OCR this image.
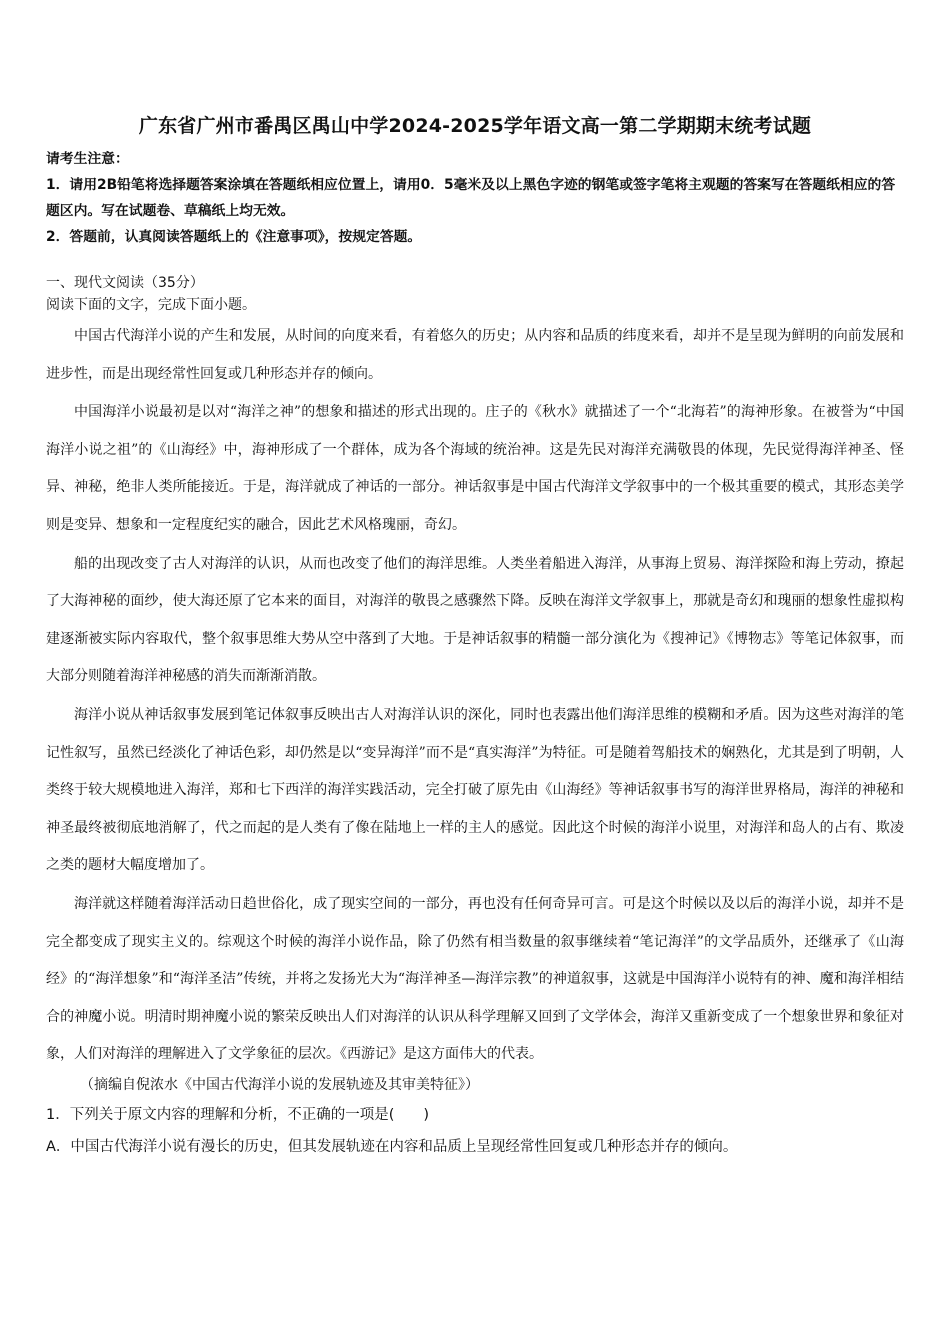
广东省广州市番禺区禺山中学2024-2025学年语文高一第二学期期末统考试题
请考生注意：
1．请用2B铅笔将选择题答案涂填在答题纸相应位置上，请用0．5毫米及以上黑色字迹的钢笔或签字笔将主观题的答案写在答题纸相应的答题区内。写在试题卷、草稿纸上均无效。
2．答题前，认真阅读答题纸上的《注意事项》，按规定答题。
一、现代文阅读（35分）
阅读下面的文字，完成下面小题。

中国古代海洋小说的产生和发展，从时间的向度来看，有着悠久的历史；从内容和品质的纬度来看，却并不是呈现为鲜明的向前发展和进步性，而是出现经常性回复或几种形态并存的倾向。

中国海洋小说最初是以对“海洋之神”的想象和描述的形式出现的。庄子的《秋水》就描述了一个“北海若”的海神形象。在被誉为“中国海洋小说之祖”的《山海经》中，海神形成了一个群体，成为各个海域的统治神。这是先民对海洋充满敬畏的体现，先民觉得海洋神圣、怪异、神秘，绝非人类所能接近。于是，海洋就成了神话的一部分。神话叙事是中国古代海洋文学叙事中的一个极其重要的模式，其形态美学则是变异、想象和一定程度纪实的融合，因此艺术风格瑰丽，奇幻。

船的出现改变了古人对海洋的认识，从而也改变了他们的海洋思维。人类坐着船进入海洋，从事海上贸易、海洋探险和海上劳动，撩起了大海神秘的面纱，使大海还原了它本来的面目，对海洋的敬畏之感骤然下降。反映在海洋文学叙事上，那就是奇幻和瑰丽的想象性虚拟构建逐渐被实际内容取代，整个叙事思维大势从空中落到了大地。于是神话叙事的精髓一部分演化为《搜神记》《博物志》等笔记体叙事，而大部分则随着海洋神秘感的消失而渐渐消散。

海洋小说从神话叙事发展到笔记体叙事反映出古人对海洋认识的深化，同时也表露出他们海洋思维的模糊和矛盾。因为这些对海洋的笔记性叙写，虽然已经淡化了神话色彩，却仍然是以“变异海洋”而不是“真实海洋”为特征。可是随着驾船技术的娴熟化，尤其是到了明朝，人类终于较大规模地进入海洋，郑和七下西洋的海洋实践活动，完全打破了原先由《山海经》等神话叙事书写的海洋世界格局，海洋的神秘和神圣最终被彻底地消解了，代之而起的是人类有了像在陆地上一样的主人的感觉。因此这个时候的海洋小说里，对海洋和岛人的占有、欺凌之类的题材大幅度增加了。

海洋就这样随着海洋活动日趋世俗化，成了现实空间的一部分，再也没有任何奇异可言。可是这个时候以及以后的海洋小说，却并不是完全都变成了现实主义的。综观这个时候的海洋小说作品，除了仍然有相当数量的叙事继续着“笔记海洋”的文学品质外，还继承了《山海经》的“海洋想象”和“海洋圣洁”传统，并将之发扬光大为“海洋神圣—海洋宗教”的神道叙事，这就是中国海洋小说特有的神、魔和海洋相结合的神魔小说。明清时期神魔小说的繁荣反映出人们对海洋的认识从科学理解又回到了文学体会，海洋又重新变成了一个想象世界和象征对象，人们对海洋的理解进入了文学象征的层次。《西游记》是这方面伟大的代表。

（摘编自倪浓水《中国古代海洋小说的发展轨迹及其审美特征》）
1．下列关于原文内容的理解和分析，不正确的一项是(　　)
A．中国古代海洋小说有漫长的历史，但其发展轨迹在内容和品质上呈现经常性回复或几种形态并存的倾向。
